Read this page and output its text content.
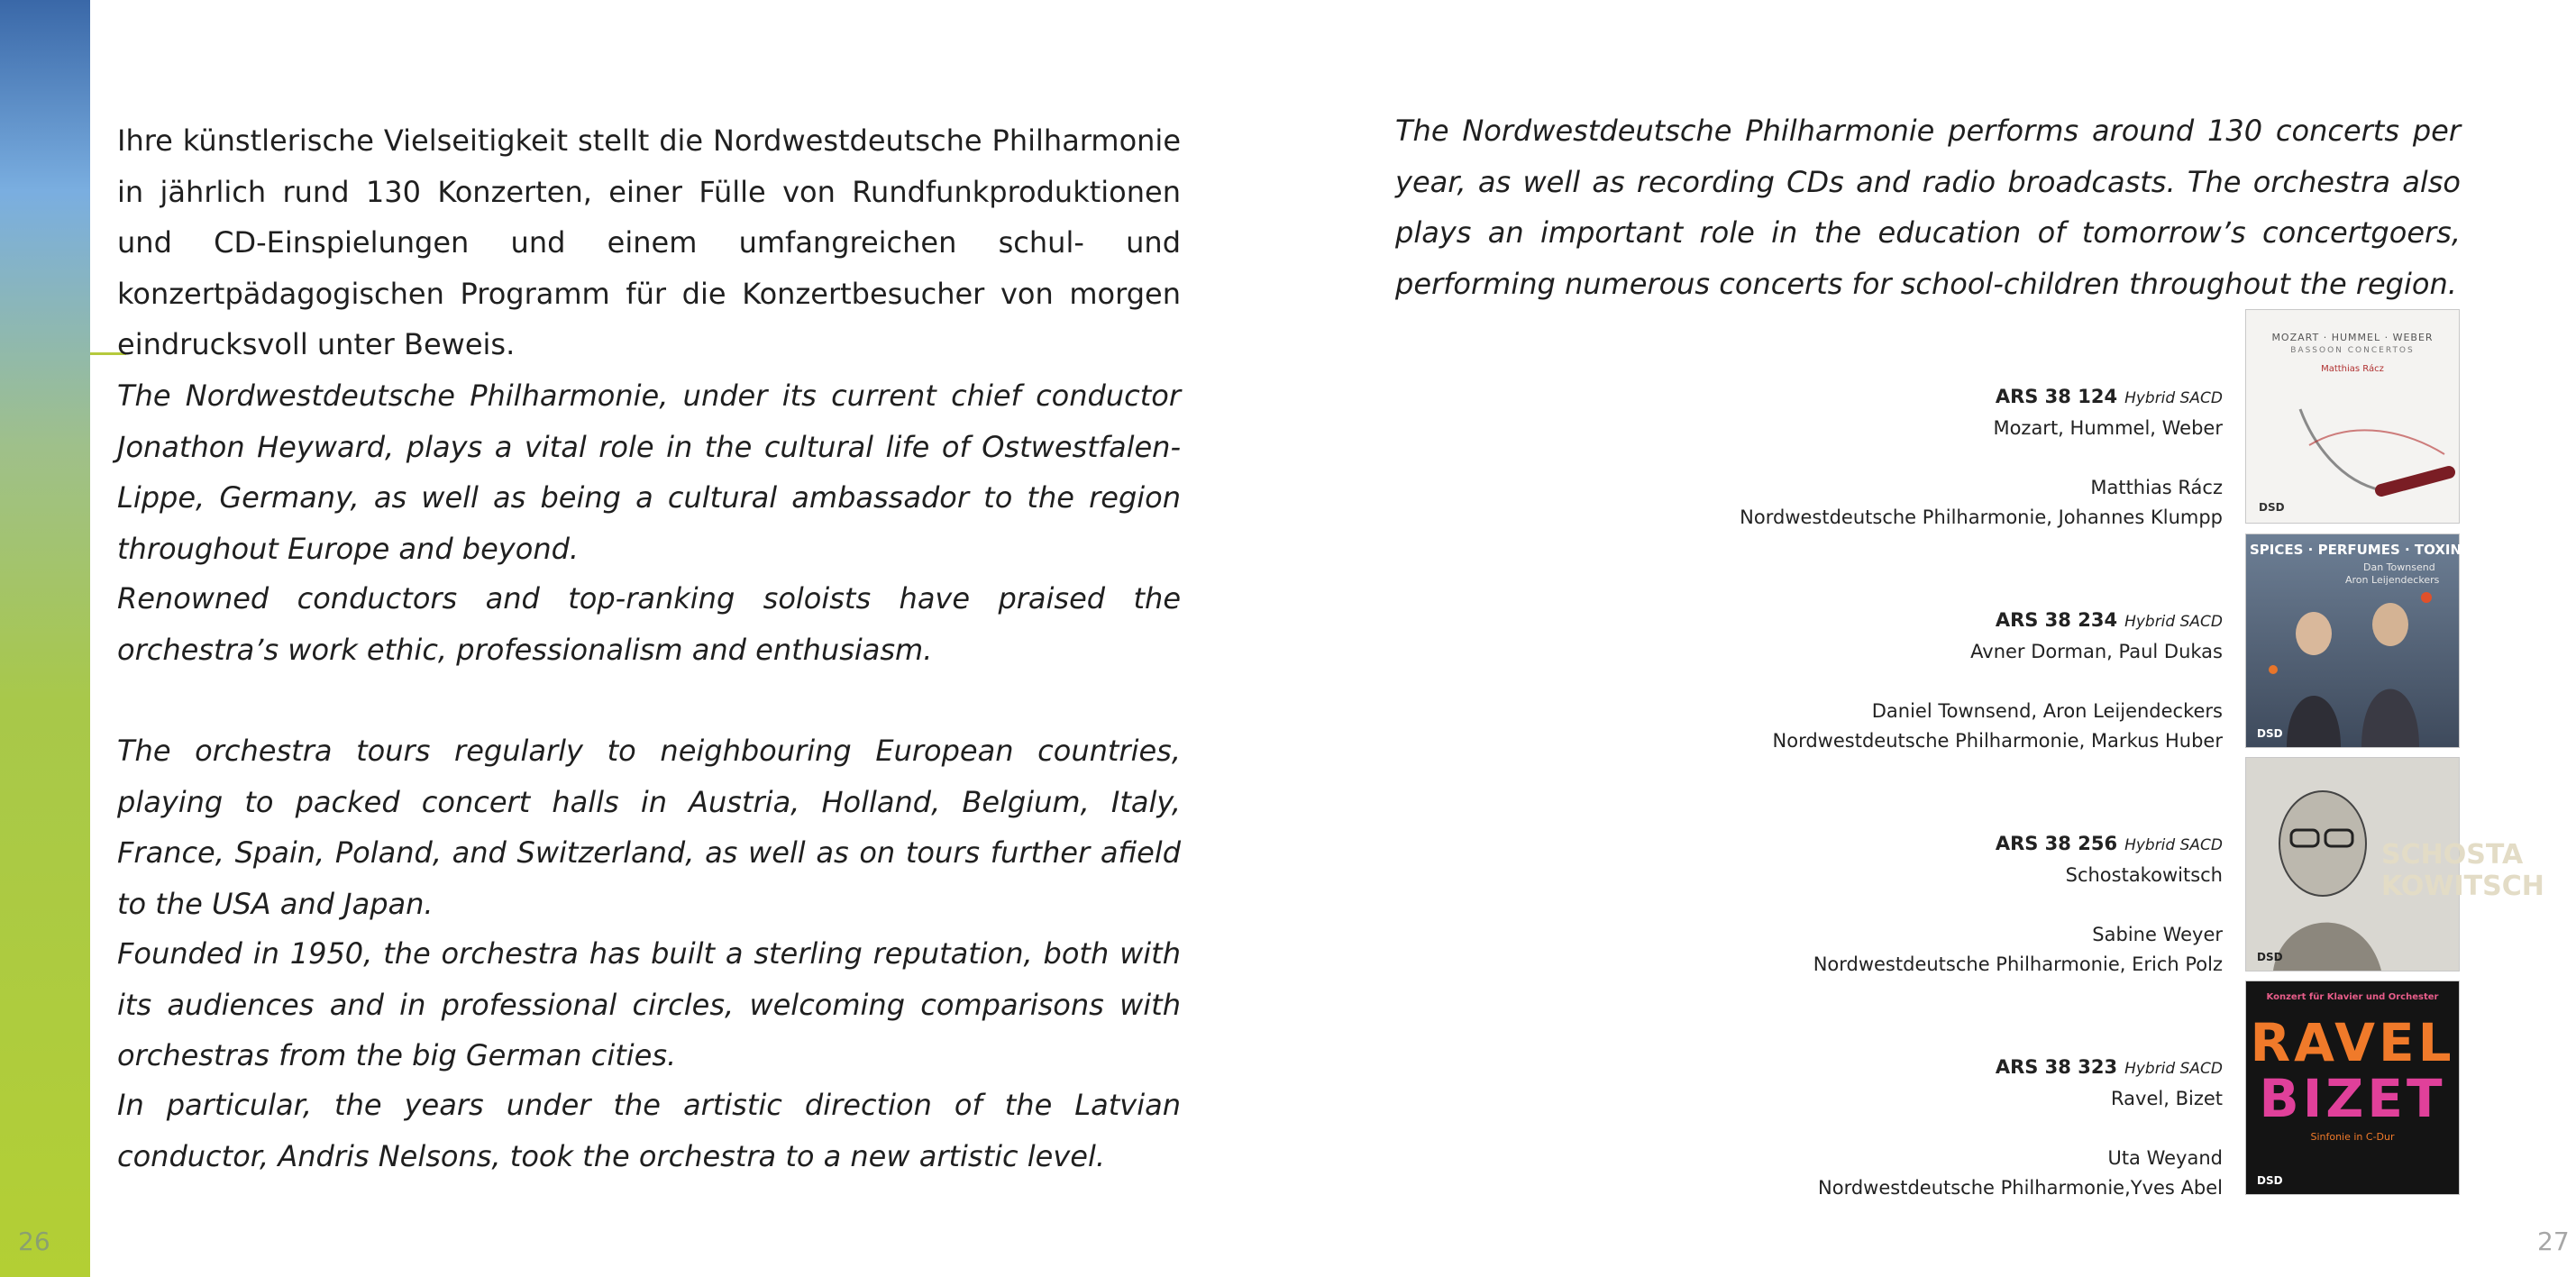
Ihre künstlerische Vielseitigkeit stellt die Nordwestdeutsche Philharmonie in jährlich rund 130 Konzerten, einer Fülle von Rundfunkproduktionen und CD-Einspielungen und einem umfangreichen schul- und konzertpädagogischen Programm für die Konzertbesucher von morgen eindrucksvoll unter Beweis.

The Nordwestdeutsche Philharmonie, under its current chief conductor Jonathon Heyward, plays a vital role in the cultural life of Ostwestfalen-Lippe, Germany, as well as being a cultural ambassador to the region throughout Europe and beyond.

Renowned conductors and top-ranking soloists have praised the orchestra’s work ethic, professionalism and enthusiasm.

The orchestra tours regularly to neighbouring European countries, playing to packed concert halls in Austria, Holland, Belgium, Italy, France, Spain, Poland, and Switzerland, as well as on tours further afield to the USA and Japan.

Founded in 1950, the orchestra has built a sterling reputation, both with its audiences and in professional circles, welcoming comparisons with orchestras from the big German cities.

In particular, the years under the artistic direction of the Latvian conductor, Andris Nelsons, took the orchestra to a new artistic level.

The Nordwestdeutsche Philharmonie performs around 130 concerts per year, as well as recording CDs and radio broadcasts. The orchestra also plays an important role in the education of tomorrow’s concertgoers, performing numerous concerts for school-children throughout the region.

ARS 38 124 Hybrid SACD
Mozart, Hummel, Weber
Matthias Rácz
Nordwestdeutsche Philharmonie, Johannes Klumpp
MOZART · HUMMEL · WEBER
BASSOON CONCERTOS
Matthias Rácz
DSD
ARS 38 234 Hybrid SACD
Avner Dorman, Paul Dukas
Daniel Townsend, Aron Leijendeckers
Nordwestdeutsche Philharmonie, Markus Huber
SPICES · PERFUMES · TOXINS!
Dan Townsend
Aron Leijendeckers
DSD
ARS 38 256 Hybrid SACD
Schostakowitsch
Sabine Weyer
Nordwestdeutsche Philharmonie, Erich Polz
SCHOSTA
KOWITSCH
DSD
ARS 38 323 Hybrid SACD
Ravel, Bizet
Uta Weyand
Nordwestdeutsche Philharmonie,Yves Abel
Konzert für Klavier und Orchester
RAVEL
BIZET
Sinfonie in C-Dur
DSD
26	27
